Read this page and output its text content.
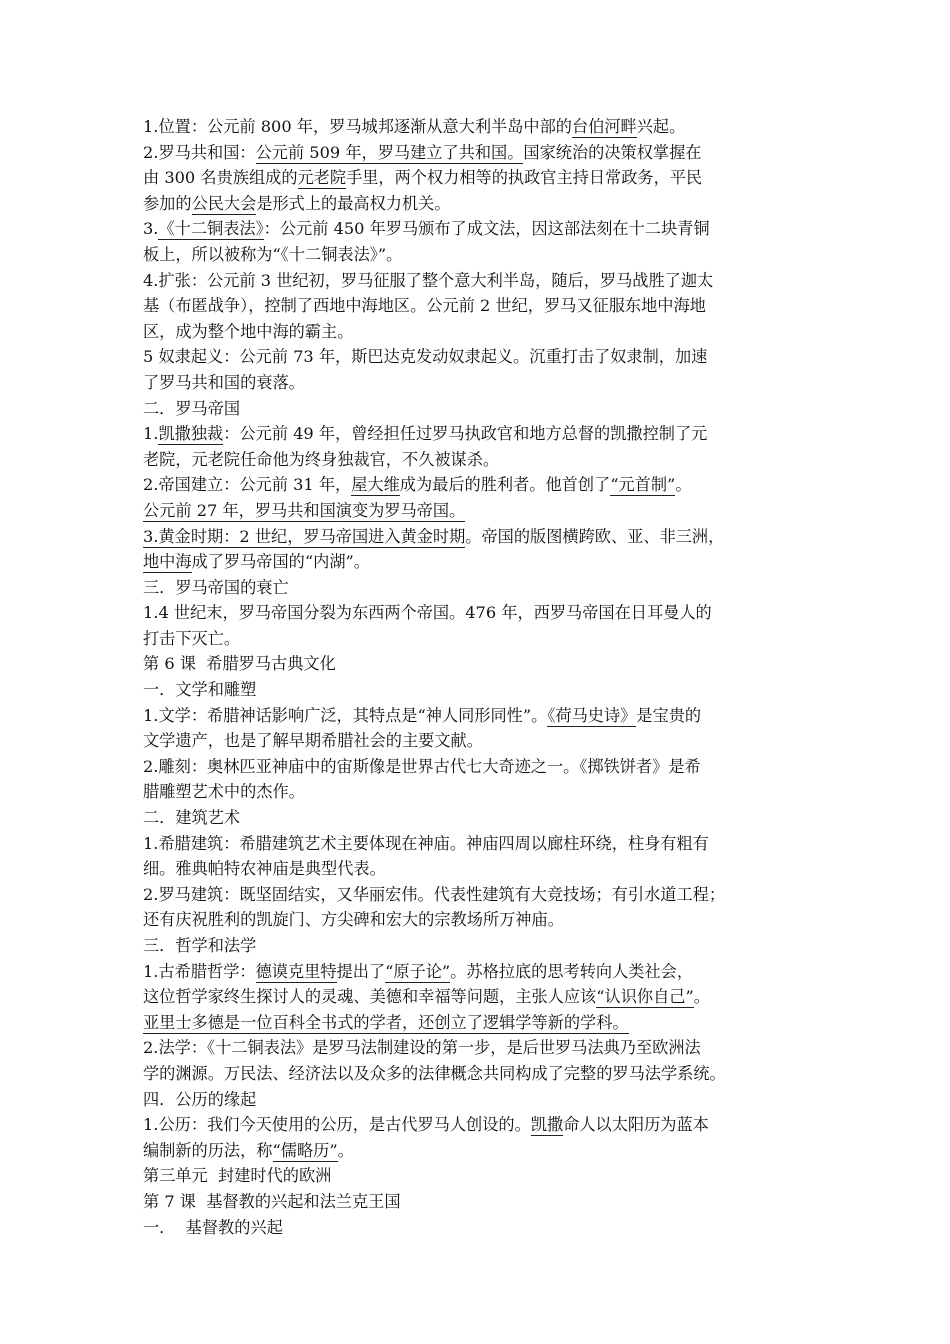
1.位置：公元前 800 年，罗马城邦逐渐从意大利半岛中部的台伯河畔兴起。

2.罗马共和国：公元前 509 年，罗马建立了共和国。国家统治的决策权掌握在

由 300 名贵族组成的元老院手里，两个权力相等的执政官主持日常政务，平民

参加的公民大会是形式上的最高权力机关。

3.《十二铜表法》：公元前 450 年罗马颁布了成文法，因这部法刻在十二块青铜

板上，所以被称为“《十二铜表法》”。

4.扩张：公元前 3 世纪初，罗马征服了整个意大利半岛，随后，罗马战胜了迦太

基（布匿战争），控制了西地中海地区。公元前 2 世纪，罗马又征服东地中海地

区，成为整个地中海的霸主。

5 奴隶起义：公元前 73 年，斯巴达克发动奴隶起义。沉重打击了奴隶制，加速

了罗马共和国的衰落。

二．罗马帝国

1.凯撒独裁：公元前 49 年，曾经担任过罗马执政官和地方总督的凯撒控制了元

老院，元老院任命他为终身独裁官，不久被谋杀。

2.帝国建立：公元前 31 年，屋大维成为最后的胜利者。他首创了“元首制”。

公元前 27 年，罗马共和国演变为罗马帝国。

3.黄金时期：2 世纪，罗马帝国进入黄金时期。帝国的版图横跨欧、亚、非三洲，

地中海成了罗马帝国的“内湖”。

三．罗马帝国的衰亡

1.4 世纪末，罗马帝国分裂为东西两个帝国。476 年，西罗马帝国在日耳曼人的

打击下灭亡。

第 6 课  希腊罗马古典文化

一．文学和雕塑

1.文学：希腊神话影响广泛，其特点是“神人同形同性”。《荷马史诗》是宝贵的

文学遗产，也是了解早期希腊社会的主要文献。

2.雕刻：奥林匹亚神庙中的宙斯像是世界古代七大奇迹之一。《掷铁饼者》是希

腊雕塑艺术中的杰作。

二．建筑艺术

1.希腊建筑：希腊建筑艺术主要体现在神庙。神庙四周以廊柱环绕，柱身有粗有

细。雅典帕特农神庙是典型代表。

2.罗马建筑：既坚固结实，又华丽宏伟。代表性建筑有大竞技场；有引水道工程；

还有庆祝胜利的凯旋门、方尖碑和宏大的宗教场所万神庙。

三．哲学和法学

1.古希腊哲学：德谟克里特提出了“原子论”。苏格拉底的思考转向人类社会，

这位哲学家终生探讨人的灵魂、美德和幸福等问题，主张人应该“认识你自己”。

亚里士多德是一位百科全书式的学者，还创立了逻辑学等新的学科。

2.法学：《十二铜表法》是罗马法制建设的第一步，是后世罗马法典乃至欧洲法

学的渊源。万民法、经济法以及众多的法律概念共同构成了完整的罗马法学系统。

四．公历的缘起

1.公历：我们今天使用的公历，是古代罗马人创设的。凯撒命人以太阳历为蓝本

编制新的历法，称“儒略历”。

第三单元  封建时代的欧洲

第 7 课  基督教的兴起和法兰克王国

一．  基督教的兴起
